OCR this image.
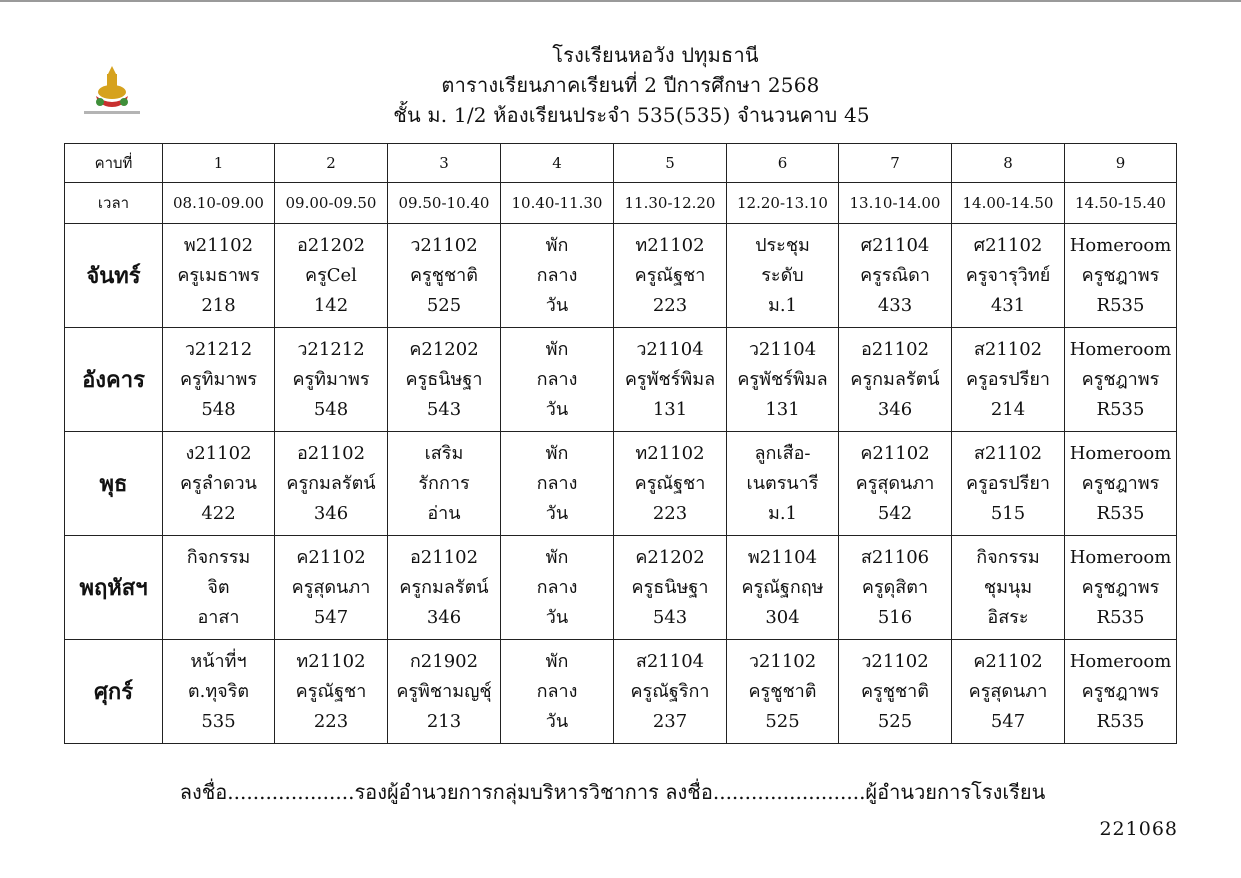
โรงเรียนหอวัง ปทุมธานี
ตารางเรียนภาคเรียนที่ 2 ปีการศึกษา 2568
ชั้น ม. 1/2 ห้องเรียนประจำ 535(535) จำนวนคาบ 45
คาบที่	1	2	3	4	5	6	7	8	9
เวลา	08.10-09.00	09.00-09.50	09.50-10.40	10.40-11.30	11.30-12.20	12.20-13.10	13.10-14.00	14.00-14.50	14.50-15.40
จันทร์	พ21102
ครูเมธาพร
218	อ21202
ครูCel
142	ว21102
ครูชูชาติ
525	พัก
กลาง
วัน	ท21102
ครูณัฐชา
223	ประชุม
ระดับ
ม.1	ศ21104
ครูรณิดา
433	ศ21102
ครูจารุวิทย์
431	Homeroom
ครูชฎาพร
R535

อังคาร	ว21212
ครูทิมาพร
548	ว21212
ครูทิมาพร
548	ค21202
ครูธนิษฐา
543	พัก
กลาง
วัน	ว21104
ครูพัชร์พิมล
131	ว21104
ครูพัชร์พิมล
131	อ21102
ครูกมลรัตน์
346	ส21102
ครูอรปรียา
214	Homeroom
ครูชฎาพร
R535

พุธ	ง21102
ครูลำดวน
422	อ21102
ครูกมลรัตน์
346	เสริม
รักการ
อ่าน	พัก
กลาง
วัน	ท21102
ครูณัฐชา
223	ลูกเสือ-
เนตรนารี
ม.1	ค21102
ครูสุดนภา
542	ส21102
ครูอรปรียา
515	Homeroom
ครูชฎาพร
R535

พฤหัสฯ	กิจกรรม
จิต
อาสา	ค21102
ครูสุดนภา
547	อ21102
ครูกมลรัตน์
346	พัก
กลาง
วัน	ค21202
ครูธนิษฐา
543	พ21104
ครูณัฐกฤษ
304	ส21106
ครูดุสิตา
516	กิจกรรม
ชุมนุม
อิสระ	Homeroom
ครูชฎาพร
R535

ศุกร์	หน้าที่ฯ
ต.ทุจริต
535	ท21102
ครูณัฐชา
223	ก21902
ครูพิชามญชุ์
213	พัก
กลาง
วัน	ส21104
ครูณัฐริกา
237	ว21102
ครูชูชาติ
525	ว21102
ครูชูชาติ
525	ค21102
ครูสุดนภา
547	Homeroom
ครูชฎาพร
R535
ลงชื่อ....................รองผู้อำนวยการกลุ่มบริหารวิชาการ ลงชื่อ........................ผู้อำนวยการโรงเรียน
221068
